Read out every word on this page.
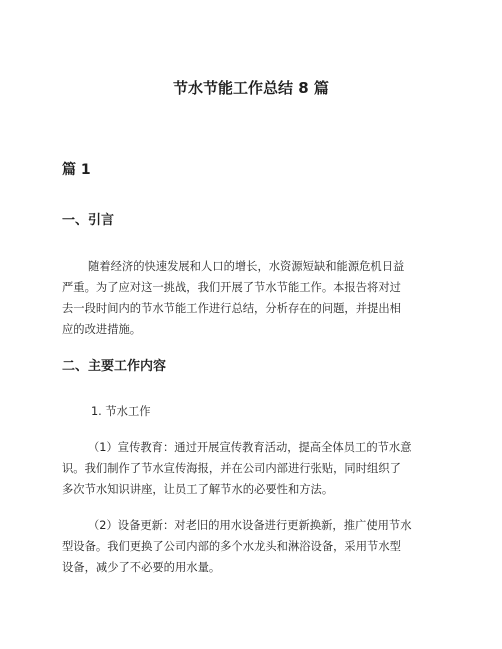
节水节能工作总结 8 篇
篇 1
一、引言
随着经济的快速发展和人口的增长，水资源短缺和能源危机日益
严重。为了应对这一挑战，我们开展了节水节能工作。本报告将对过
去一段时间内的节水节能工作进行总结，分析存在的问题，并提出相
应的改进措施。
二、主要工作内容
1. 节水工作
（1）宣传教育：通过开展宣传教育活动，提高全体员工的节水意
识。我们制作了节水宣传海报，并在公司内部进行张贴，同时组织了
多次节水知识讲座，让员工了解节水的必要性和方法。
（2）设备更新：对老旧的用水设备进行更新换新，推广使用节水
型设备。我们更换了公司内部的多个水龙头和淋浴设备，采用节水型
设备，减少了不必要的用水量。
